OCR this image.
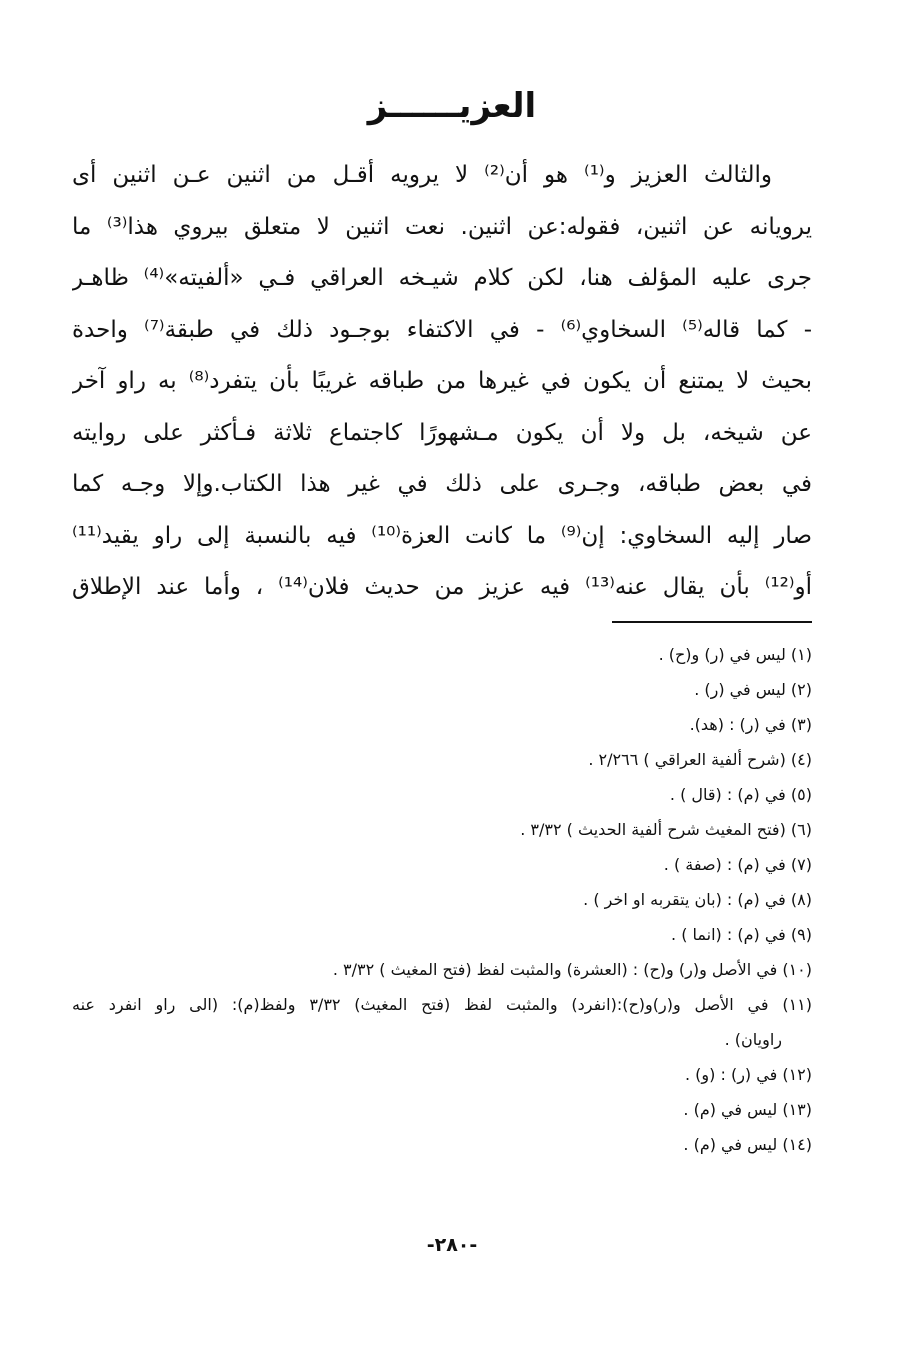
العزيــــــز
والثالث العزيز و⁽¹⁾ هو أن⁽²⁾ لا يرويه أقـل من اثنين عـن اثنين أى
يرويانه عن اثنين، فقوله:عن اثنين. نعت اثنين لا متعلق بيروي هذا⁽³⁾ ما
جرى عليه المؤلف هنا، لكن كلام شيـخه العراقي فـي «ألفيته»⁽⁴⁾ ظاهـر
- كما قاله⁽⁵⁾ السخاوي⁽⁶⁾ - في الاكتفاء بوجـود ذلك في طبقة⁽⁷⁾ واحدة
بحيث لا يمتنع أن يكون في غيرها من طباقه غريبًا بأن يتفرد⁽⁸⁾ به راو آخر
عن شيخه، بل ولا أن يكون مـشهورًا كاجتماع ثلاثة فـأكثر على روايته
في بعض طباقه، وجـرى على ذلك في غير هذا الكتاب.وإلا وجـه كما
صار إليه السخاوي: إن⁽⁹⁾ ما كانت العزة⁽¹⁰⁾ فيه بالنسبة إلى راو يقيد⁽¹¹⁾
أو⁽¹²⁾ بأن يقال عنه⁽¹³⁾ فيه عزيز من حديث فلان⁽¹⁴⁾ ، وأما عند الإطلاق
(١) ليس في (ر) و(ح) .
(٢) ليس في (ر) .
(٣) في (ر) : (هد).
(٤) (شرح ألفية العراقي ) ٢/٢٦٦ .
(٥) في (م) : (قال ) .
(٦) (فتح المغيث شرح ألفية الحديث ) ٣/٣٢ .
(٧) في (م) : (صفة ) .
(٨) في (م) : (بان يتقربه او اخر ) .
(٩) في (م) : (انما ) .
(١٠) في الأصل و(ر) و(ح) : (العشرة) والمثبت لفظ (فتح المغيث ) ٣/٣٢ .
(١١) في الأصل و(ر)و(ح):(انفرد) والمثبت لفظ (فتح المغيث) ٣/٣٢ ولفظ(م): (الى راو انفرد عنه
راويان) .
(١٢) في (ر) : (و) .
(١٣) ليس في (م) .
(١٤) ليس في (م) .
-٢٨٠-
